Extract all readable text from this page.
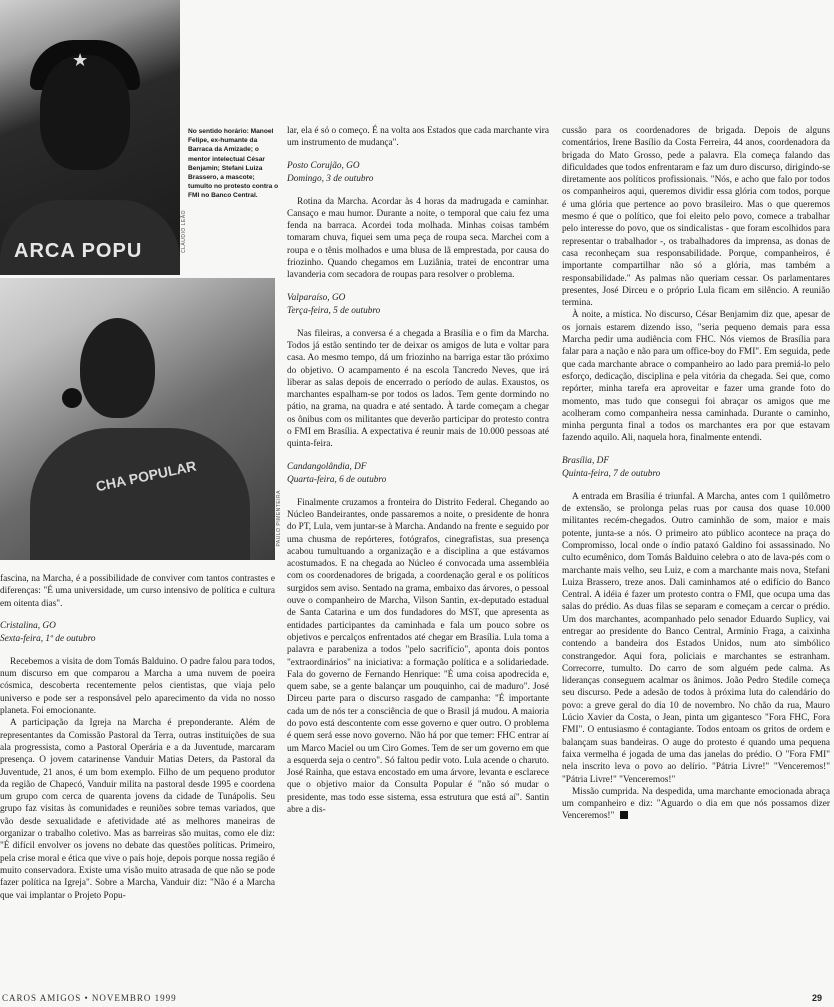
★
ARCA POPU	CLÁUDIO LEÃO
No sentido horário: Manoel Felipe, ex-humante da Barraca da Amizade; o mentor intelectual César Benjamin; Stefani Luiza Brassero, a mascote; tumulto no protesto contra o FMI no Banco Central.
CHA POPULAR
PAULO PIMENTEIRA

fascina, na Marcha, é a possibilidade de conviver com tantos contrastes e diferenças: "É uma universidade, um curso intensivo de política e cultura em oitenta dias".

Cristalina, GO
Sexta-feira, 1º de outubro

Recebemos a visita de dom Tomás Balduino. O padre falou para todos, num discurso em que comparou a Marcha a uma nuvem de poeira cósmica, descoberta recentemente pelos cientistas, que viaja pelo universo e pode ser a responsável pelo aparecimento da vida no nosso planeta. Foi emocionante.

A participação da Igreja na Marcha é preponderante. Além de representantes da Comissão Pastoral da Terra, outras instituições de sua ala progressista, como a Pastoral Operária e a da Juventude, marcaram presença. O jovem catarinense Vanduir Matias Deters, da Pastoral da Juventude, 21 anos, é um bom exemplo. Filho de um pequeno produtor da região de Chapecó, Vanduir milita na pastoral desde 1995 e coordena um grupo com cerca de quarenta jovens da cidade de Tunápolis. Seu grupo faz visitas às comunidades e reuniões sobre temas variados, que vão desde sexualidade e afetividade até as melhores maneiras de organizar o trabalho coletivo. Mas as barreiras são muitas, como ele diz: "É difícil envolver os jovens no debate das questões políticas. Primeiro, pela crise moral e ética que vive o país hoje, depois porque nossa região é muito conservadora. Existe uma visão muito atrasada de que não se pode fazer política na Igreja". Sobre a Marcha, Vanduir diz: "Não é a Marcha que vai implantar o Projeto Popu-

lar, ela é só o começo. É na volta aos Estados que cada marchante vira um instrumento de mudança".

Posto Corujão, GO
Domingo, 3 de outubro

Rotina da Marcha. Acordar às 4 horas da madrugada e caminhar. Cansaço e mau humor. Durante a noite, o temporal que caiu fez uma fenda na barraca. Acordei toda molhada. Minhas coisas também tomaram chuva, fiquei sem uma peça de roupa seca. Marchei com a roupa e o tênis molhados e uma blusa de lã emprestada, por causa do friozinho. Quando chegamos em Luziânia, tratei de encontrar uma lavanderia com secadora de roupas para resolver o problema.

Valparaíso, GO
Terça-feira, 5 de outubro

Nas fileiras, a conversa é a chegada a Brasília e o fim da Marcha. Todos já estão sentindo ter de deixar os amigos de luta e voltar para casa. Ao mesmo tempo, dá um friozinho na barriga estar tão próximo do objetivo. O acampamento é na escola Tancredo Neves, que irá liberar as salas depois de encerrado o período de aulas. Exaustos, os marchantes espalham-se por todos os lados. Tem gente dormindo no pátio, na grama, na quadra e até sentado. À tarde começam a chegar os ônibus com os militantes que deverão participar do protesto contra o FMI em Brasília. A expectativa é reunir mais de 10.000 pessoas até quinta-feira.

Candangolândia, DF
Quarta-feira, 6 de outubro

Finalmente cruzamos a fronteira do Distrito Federal. Chegando ao Núcleo Bandeirantes, onde passaremos a noite, o presidente de honra do PT, Lula, vem juntar-se à Marcha. Andando na frente e seguido por uma chusma de repórteres, fotógrafos, cinegrafistas, sua presença acabou tumultuando a organização e a disciplina a que estávamos acostumados. E na chegada ao Núcleo é convocada uma assembléia com os coordenadores de brigada, a coordenação geral e os políticos surgidos sem aviso. Sentado na grama, embaixo das árvores, o pessoal ouve o companheiro de Marcha, Vilson Santin, ex-deputado estadual de Santa Catarina e um dos fundadores do MST, que apresenta as entidades participantes da caminhada e fala um pouco sobre os objetivos e percalços enfrentados até chegar em Brasília. Lula toma a palavra e parabeniza a todos "pelo sacrifício", aponta dois pontos "extraordinários" na iniciativa: a formação política e a solidariedade. Fala do governo de Fernando Henrique: "É uma coisa apodrecida e, quem sabe, se a gente balançar um pouquinho, cai de maduro". José Dirceu parte para o discurso rasgado de campanha: "É importante cada um de nós ter a consciência de que o Brasil já mudou. A maioria do povo está descontente com esse governo e quer outro. O problema é quem será esse novo governo. Não há por que temer: FHC entrar aí um Marco Maciel ou um Ciro Gomes. Tem de ser um governo em que a esquerda seja o centro". Só faltou pedir voto. Lula acende o charuto. José Rainha, que estava encostado em uma árvore, levanta e esclarece que o objetivo maior da Consulta Popular é "não só mudar o presidente, mas todo esse sistema, essa estrutura que está aí". Santin abre a dis-

cussão para os coordenadores de brigada. Depois de alguns comentários, Irene Basílio da Costa Ferreira, 44 anos, coordenadora da brigada do Mato Grosso, pede a palavra. Ela começa falando das dificuldades que todos enfrentaram e faz um duro discurso, dirigindo-se diretamente aos políticos profissionais. "Nós, e acho que falo por todos os companheiros aqui, queremos dividir essa glória com todos, porque é uma glória que pertence ao povo brasileiro. Mas o que queremos mesmo é que o político, que foi eleito pelo povo, comece a trabalhar pelo interesse do povo, que os sindicalistas - que foram escolhidos para representar o trabalhador -, os trabalhadores da imprensa, as donas de casa reconheçam sua responsabilidade. Porque, companheiros, é importante compartilhar não só a glória, mas também a responsabilidade." As palmas não queriam cessar. Os parlamentares presentes, José Dirceu e o próprio Lula ficam em silêncio. A reunião termina.

À noite, a mística. No discurso, César Benjamim diz que, apesar de os jornais estarem dizendo isso, "seria pequeno demais para essa Marcha pedir uma audiência com FHC. Nós viemos de Brasília para falar para a nação e não para um office-boy do FMI". Em seguida, pede que cada marchante abrace o companheiro ao lado para premiá-lo pelo esforço, dedicação, disciplina e pela vitória da chegada. Sei que, como repórter, minha tarefa era aproveitar e fazer uma grande foto do momento, mas tudo que consegui foi abraçar os amigos que me acolheram como companheira nessa caminhada. Durante o caminho, minha pergunta final a todos os marchantes era por que estavam fazendo aquilo. Ali, naquela hora, finalmente entendi.

Brasília, DF
Quinta-feira, 7 de outubro

A entrada em Brasília é triunfal. A Marcha, antes com 1 quilômetro de extensão, se prolonga pelas ruas por causa dos quase 10.000 militantes recém-chegados. Outro caminhão de som, maior e mais potente, junta-se a nós. O primeiro ato público acontece na praça do Compromisso, local onde o índio pataxó Galdino foi assassinado. No culto ecumênico, dom Tomás Balduino celebra o ato de lava-pés com o marchante mais velho, seu Luiz, e com a marchante mais nova, Stefani Luiza Brassero, treze anos. Dali caminhamos até o edifício do Banco Central. A idéia é fazer um protesto contra o FMI, que ocupa uma das salas do prédio. As duas filas se separam e começam a cercar o prédio. Um dos marchantes, acompanhado pelo senador Eduardo Suplicy, vai entregar ao presidente do Banco Central, Armínio Fraga, a caixinha contendo a bandeira dos Estados Unidos, num ato simbólico constrangedor. Aqui fora, policiais e marchantes se estranham. Correcorre, tumulto. Do carro de som alguém pede calma. As lideranças conseguem acalmar os ânimos. João Pedro Stedile começa seu discurso. Pede a adesão de todos à próxima luta do calendário do povo: a greve geral do dia 10 de novembro. No chão da rua, Mauro Lúcio Xavier da Costa, o Jean, pinta um gigantesco "Fora FHC, Fora FMI". O entusiasmo é contagiante. Todos entoam os gritos de ordem e balançam suas bandeiras. O auge do protesto é quando uma pequena faixa vermelha é jogada de uma das janelas do prédio. O "Fora FMI" nela inscrito leva o povo ao delírio. "Pátria Livre!" "Venceremos!" "Pátria Livre!" "Venceremos!"

Missão cumprida. Na despedida, uma marchante emocionada abraça um companheiro e diz: "Aguardo o dia em que nós possamos dizer Venceremos!"

CAROS AMIGOS • NOVEMBRO 1999	29
